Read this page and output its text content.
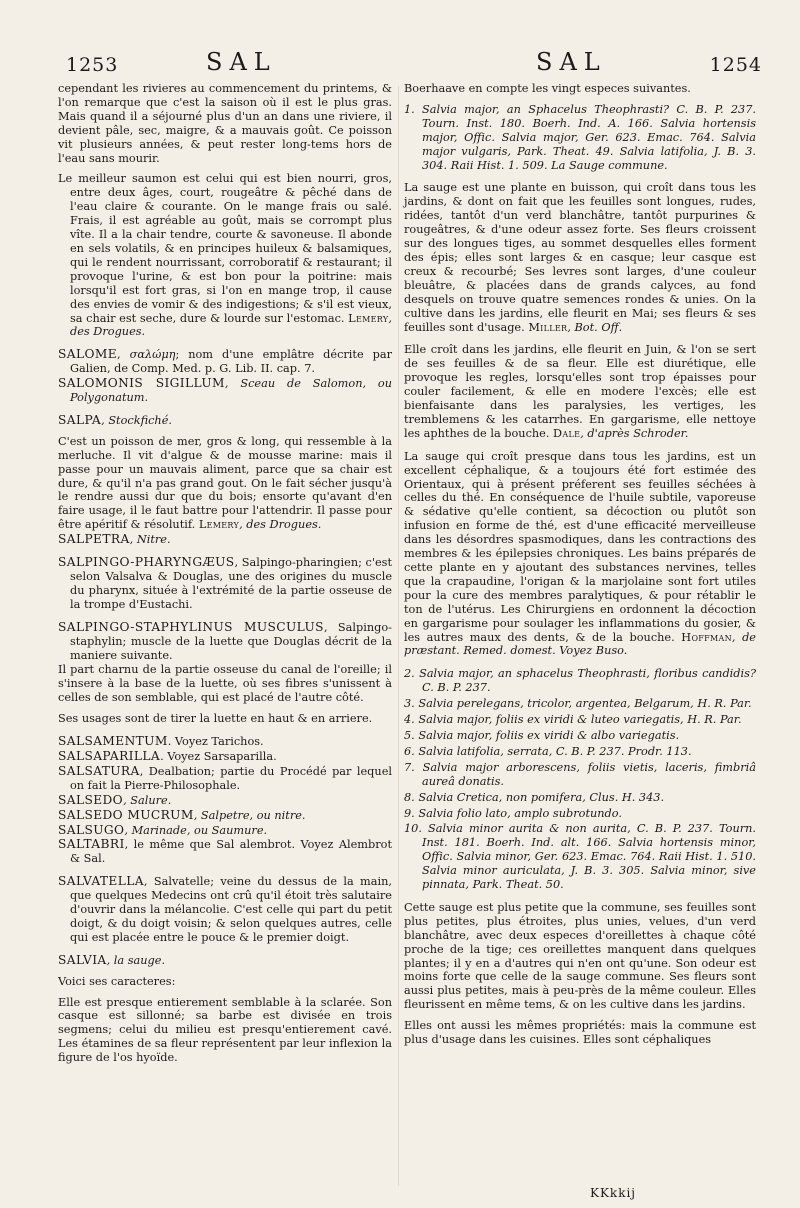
1253	SAL	SAL	1254

cependant les rivieres au commencement du printems, & l'on remarque que c'est la saison où il est le plus gras. Mais quand il a séjourné plus d'un an dans une riviere, il devient pâle, sec, maigre, & a mauvais goût. Ce poisson vit plusieurs années, & peut rester long-tems hors de l'eau sans mourir.

Le meilleur saumon est celui qui est bien nourri, gros, entre deux âges, court, rougeâtre & pêché dans de l'eau claire & courante. On le mange frais ou salé. Frais, il est agréable au goût, mais se corrompt plus vîte. Il a la chair tendre, courte & savoneuse. Il abonde en sels volatils, & en principes huileux & balsamiques, qui le rendent nourrissant, corroboratif & restaurant; il provoque l'urine, & est bon pour la poitrine: mais lorsqu'il est fort gras, si l'on en mange trop, il cause des envies de vomir & des indigestions; & s'il est vieux, sa chair est seche, dure & lourde sur l'estomac. Lemery, des Drogues.

SALOME, σαλώμη; nom d'une emplâtre décrite par Galien, de Comp. Med. p. G. Lib. II. cap. 7.

SALOMONIS SIGILLUM, Sceau de Salomon, ou Polygonatum.

SALPA, Stockfiché.

C'est un poisson de mer, gros & long, qui ressemble à la merluche. Il vit d'algue & de mousse marine: mais il passe pour un mauvais aliment, parce que sa chair est dure, & qu'il n'a pas grand gout. On le fait sécher jusqu'à le rendre aussi dur que du bois; ensorte qu'avant d'en faire usage, il le faut battre pour l'attendrir. Il passe pour être apéritif & résolutif. Lemery, des Drogues.

SALPETRA, Nitre.

SALPINGO-PHARYNGÆUS, Salpingo-pharingien; c'est selon Valsalva & Douglas, une des origines du muscle du pharynx, située à l'extrémité de la partie osseuse de la trompe d'Eustachi.

SALPINGO-STAPHYLINUS MUSCULUS, Salpingo-staphylin; muscle de la luette que Douglas décrit de la maniere suivante.

Il part charnu de la partie osseuse du canal de l'oreille; il s'insere à la base de la luette, où ses fibres s'unissent à celles de son semblable, qui est placé de l'autre côté.

Ses usages sont de tirer la luette en haut & en arriere.

SALSAMENTUM. Voyez Tarichos.

SALSAPARILLA. Voyez Sarsaparilla.

SALSATURA, Dealbation; partie du Procédé par lequel on fait la Pierre-Philosophale.

SALSEDO, Salure.

SALSEDO MUCRUM, Salpetre, ou nitre.

SALSUGO, Marinade, ou Saumure.

SALTABRI, le même que Sal alembrot. Voyez Alembrot & Sal.

SALVATELLA, Salvatelle; veine du dessus de la main, que quelques Medecins ont crû qu'il étoit très salutaire d'ouvrir dans la mélancolie. C'est celle qui part du petit doigt, & du doigt voisin; & selon quelques autres, celle qui est placée entre le pouce & le premier doigt.

SALVIA, la sauge.

Voici ses caracteres:

Elle est presque entierement semblable à la sclarée. Son casque est sillonné; sa barbe est divisée en trois segmens; celui du milieu est presqu'entierement cavé. Les étamines de sa fleur représentent par leur inflexion la figure de l'os hyoïde.

Boerhaave en compte les vingt especes suivantes.

1. Salvia major, an Sphacelus Theophrasti? C. B. P. 237. Tourn. Inst. 180. Boerh. Ind. A. 166. Salvia hortensis major, Offic. Salvia major, Ger. 623. Emac. 764. Salvia major vulgaris, Park. Theat. 49. Salvia latifolia, J. B. 3. 304. Raii Hist. 1. 509. La Sauge commune.

La sauge est une plante en buisson, qui croît dans tous les jardins, & dont on fait que les feuilles sont longues, rudes, ridées, tantôt d'un verd blanchâtre, tantôt purpurines & rougeâtres, & d'une odeur assez forte. Ses fleurs croissent sur des longues tiges, au sommet desquelles elles forment des épis; elles sont larges & en casque; leur casque est creux & recourbé; Ses levres sont larges, d'une couleur bleuâtre, & placées dans de grands calyces, au fond desquels on trouve quatre semences rondes & unies. On la cultive dans les jardins, elle fleurit en Mai; ses fleurs & ses feuilles sont d'usage. Miller, Bot. Off.

Elle croît dans les jardins, elle fleurit en Juin, & l'on se sert de ses feuilles & de sa fleur. Elle est diurétique, elle provoque les regles, lorsqu'elles sont trop épaisses pour couler facilement, & elle en modere l'excès; elle est bienfaisante dans les paralysies, les vertiges, les tremblemens & les catarrhes. En gargarisme, elle nettoye les aphthes de la bouche. Dale, d'après Schroder.

La sauge qui croît presque dans tous les jardins, est un excellent céphalique, & a toujours été fort estimée des Orientaux, qui à présent préferent ses feuilles séchées à celles du thé. En conséquence de l'huile subtile, vaporeuse & sédative qu'elle contient, sa décoction ou plutôt son infusion en forme de thé, est d'une efficacité merveilleuse dans les désordres spasmodiques, dans les contractions des membres & les épilepsies chroniques. Les bains préparés de cette plante en y ajoutant des substances nervines, telles que la crapaudine, l'origan & la marjolaine sont fort utiles pour la cure des membres paralytiques, & pour rétablir le ton de l'utérus. Les Chirurgiens en ordonnent la décoction en gargarisme pour soulager les inflammations du gosier, & les autres maux des dents, & de la bouche. Hoffman, de præstant. Remed. domest. Voyez Buso.

2. Salvia major, an sphacelus Theophrasti, floribus candidis? C. B. P. 237.

3. Salvia perelegans, tricolor, argentea, Belgarum, H. R. Par.

4. Salvia major, foliis ex viridi & luteo variegatis, H. R. Par.

5. Salvia major, foliis ex viridi & albo variegatis.

6. Salvia latifolia, serrata, C. B. P. 237. Prodr. 113.

7. Salvia major arborescens, foliis vietis, laceris, fimbriâ aureâ donatis.

8. Salvia Cretica, non pomifera, Clus. H. 343.

9. Salvia folio lato, amplo subrotundo.

10. Salvia minor aurita & non aurita, C. B. P. 237. Tourn. Inst. 181. Boerh. Ind. alt. 166. Salvia hortensis minor, Offic. Salvia minor, Ger. 623. Emac. 764. Raii Hist. 1. 510. Salvia minor auriculata, J. B. 3. 305. Salvia minor, sive pinnata, Park. Theat. 50.

Cette sauge est plus petite que la commune, ses feuilles sont plus petites, plus étroites, plus unies, velues, d'un verd blanchâtre, avec deux especes d'oreillettes à chaque côté proche de la tige; ces oreillettes manquent dans quelques plantes; il y en a d'autres qui n'en ont qu'une. Son odeur est moins forte que celle de la sauge commune. Ses fleurs sont aussi plus petites, mais à peu-près de la même couleur. Elles fleurissent en même tems, & on les cultive dans les jardins.

Elles ont aussi les mêmes propriétés: mais la commune est plus d'usage dans les cuisines. Elles sont céphaliques

KKkkij
